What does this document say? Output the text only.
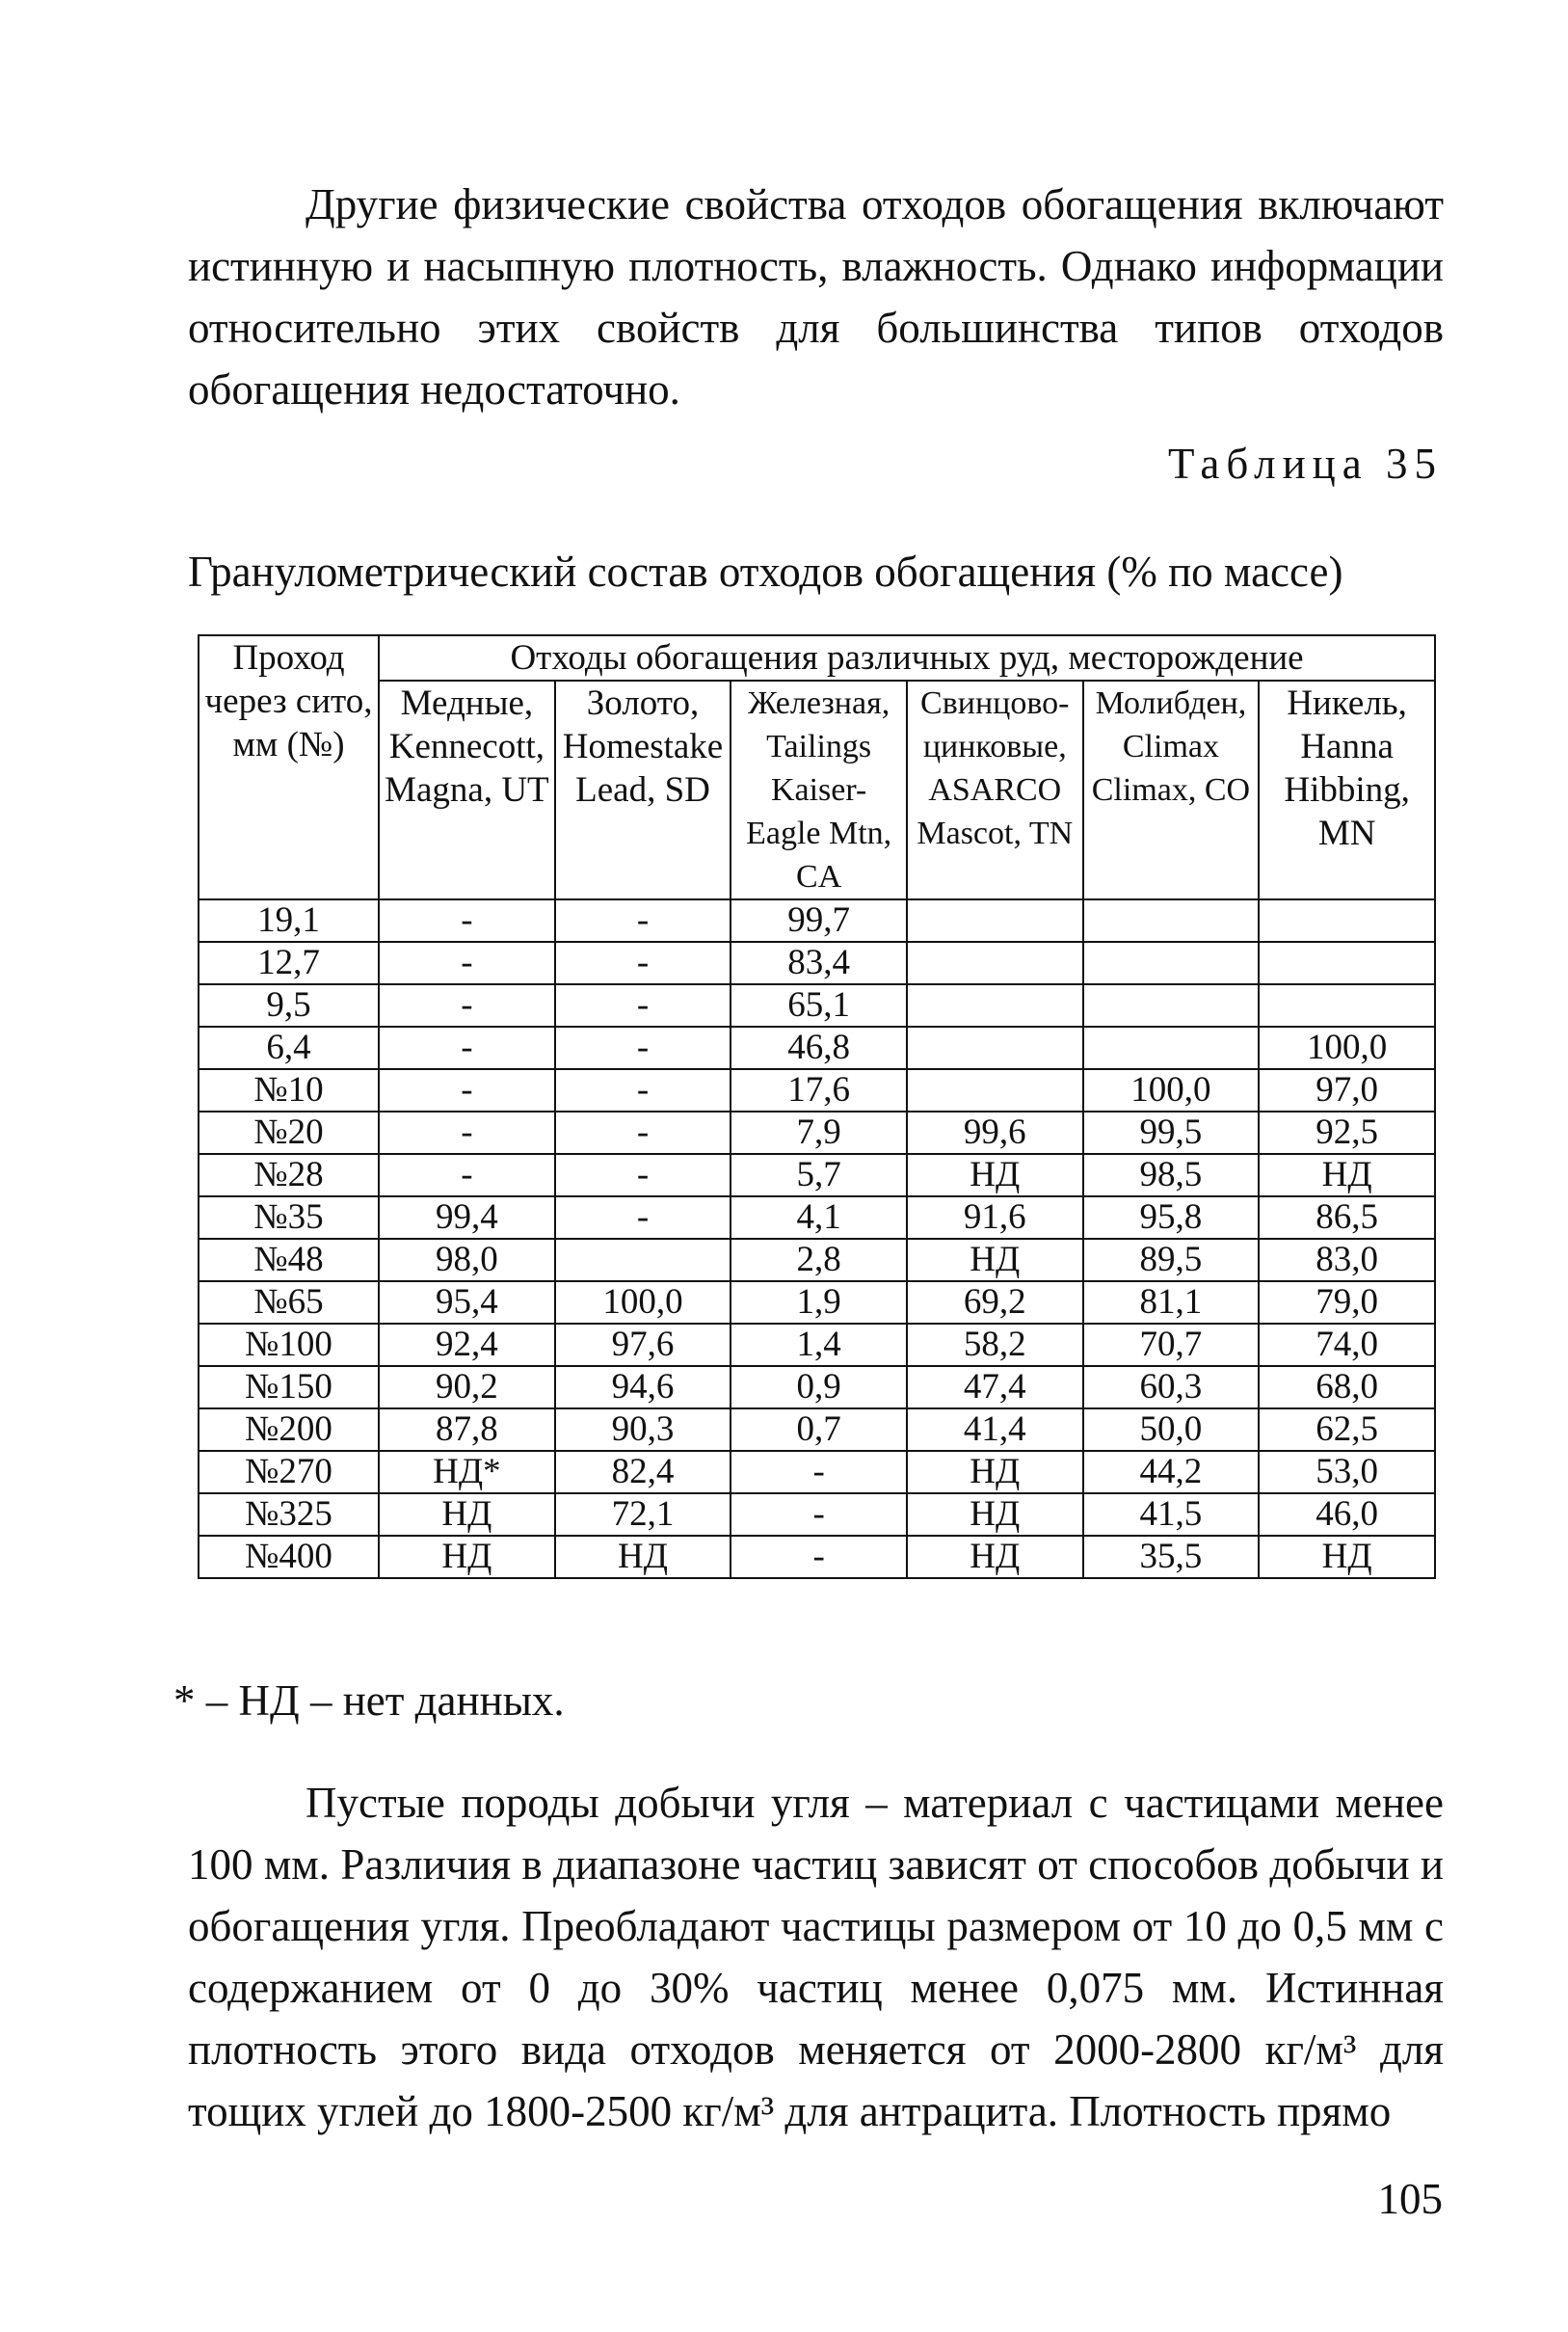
Другие физические свойства отходов обогащения включают истинную и насыпную плотность, влажность. Однако информации относительно этих свойств для большинства типов отходов обогащения недостаточно.

Таблица 35
Гранулометрический состав отходов обогащения (% по массе)
Проход через сито, мм (№)	Отходы обогащения различных руд, месторождение					
	Медные, Kennecott, Magna, UT	Золото, Homestake Lead, SD	Железная, Tailings Kaiser-Eagle Mtn, CA	Свинцово-цинковые, ASARCO Mascot, TN	Молибден, Climax Climax, CO	Никель, Hanna Hibbing, MN
19,1	-	-	99,7			
12,7	-	-	83,4			
9,5	-	-	65,1			
6,4	-	-	46,8			100,0
№10	-	-	17,6		100,0	97,0
№20	-	-	7,9	99,6	99,5	92,5
№28	-	-	5,7	НД	98,5	НД
№35	99,4	-	4,1	91,6	95,8	86,5
№48	98,0		2,8	НД	89,5	83,0
№65	95,4	100,0	1,9	69,2	81,1	79,0
№100	92,4	97,6	1,4	58,2	70,7	74,0
№150	90,2	94,6	0,9	47,4	60,3	68,0
№200	87,8	90,3	0,7	41,4	50,0	62,5
№270	НД*	82,4	-	НД	44,2	53,0
№325	НД	72,1	-	НД	41,5	46,0
№400	НД	НД	-	НД	35,5	НД
* – НД – нет данных.

Пустые породы добычи угля – материал с частицами менее 100 мм. Различия в диапазоне частиц зависят от способов добычи и обогащения угля. Преобладают частицы размером от 10 до 0,5 мм с содержанием от 0 до 30% частиц менее 0,075 мм. Истинная плотность этого вида отходов меняется от 2000-2800 кг/м³ для тощих углей до 1800-2500 кг/м³ для антрацита. Плотность прямо

105
